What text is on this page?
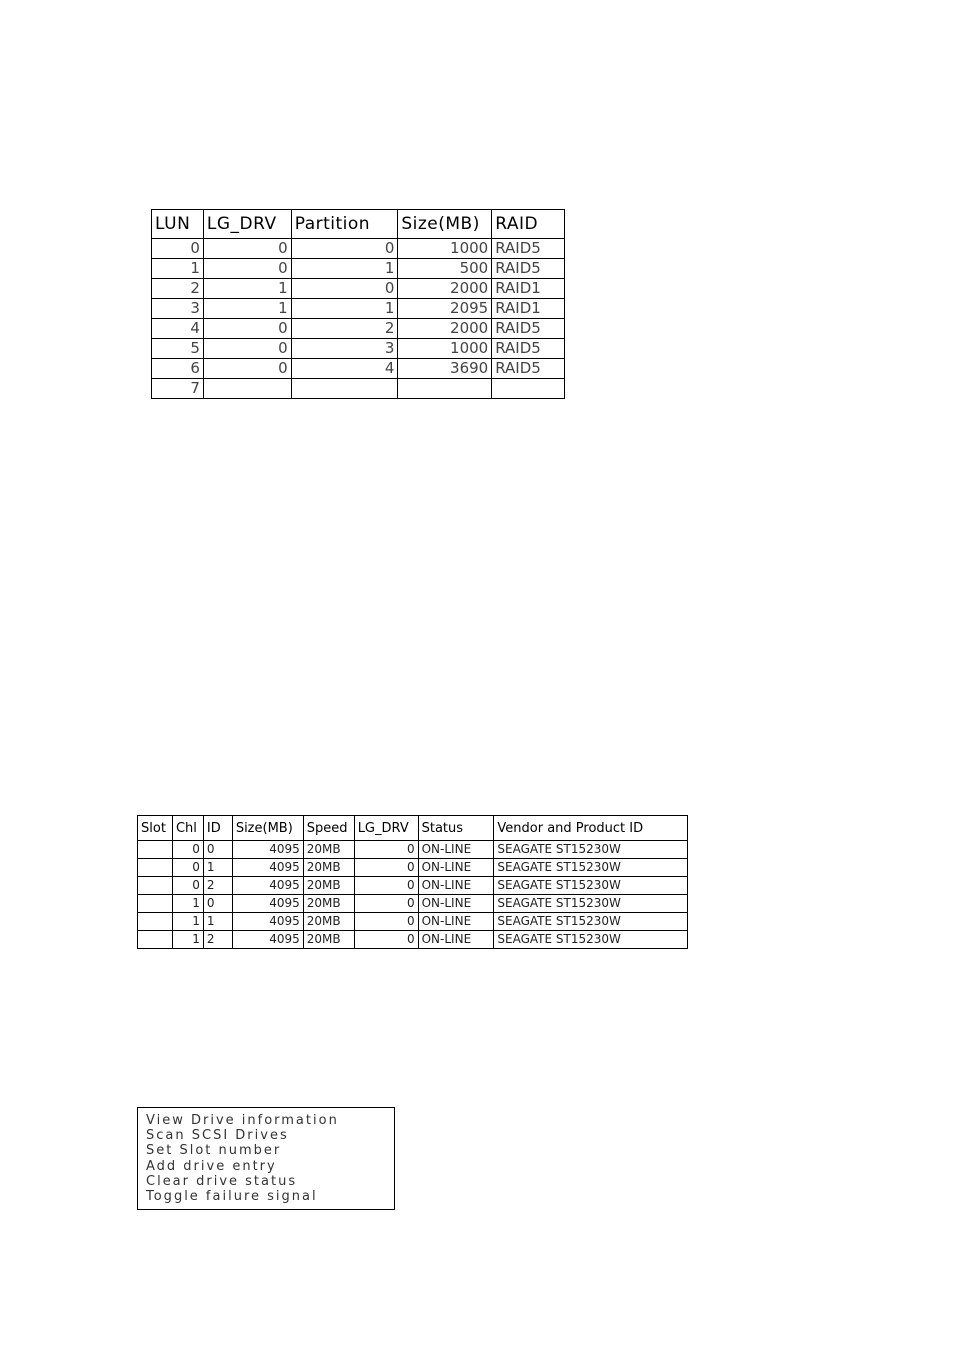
LUN	LG_DRV	Partition	Size(MB)	RAID
0	0	0	1000	RAID5
1	0	1	500	RAID5
2	1	0	2000	RAID1
3	1	1	2095	RAID1
4	0	2	2000	RAID5
5	0	3	1000	RAID5
6	0	4	3690	RAID5
7				
Slot	Chl	ID	Size(MB)	Speed	LG_DRV	Status	Vendor and Product ID
	0	0	4095	20MB	0	ON-LINE	SEAGATE ST15230W
	0	1	4095	20MB	0	ON-LINE	SEAGATE ST15230W
	0	2	4095	20MB	0	ON-LINE	SEAGATE ST15230W
	1	0	4095	20MB	0	ON-LINE	SEAGATE ST15230W
	1	1	4095	20MB	0	ON-LINE	SEAGATE ST15230W
	1	2	4095	20MB	0	ON-LINE	SEAGATE ST15230W
View Drive information
Scan SCSI Drives
Set Slot number
Add drive entry
Clear drive status
Toggle failure signal
